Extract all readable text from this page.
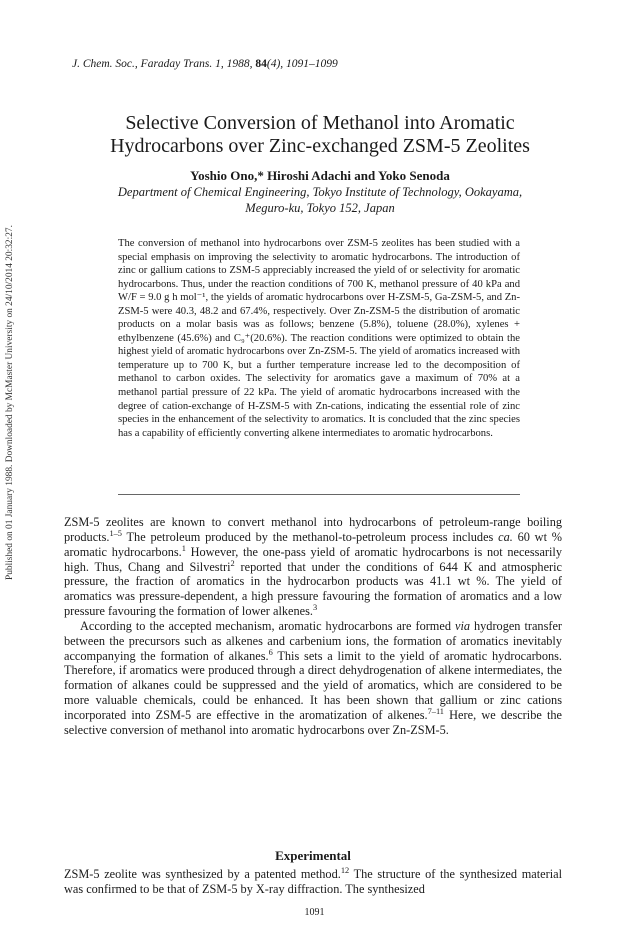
Published on 01 January 1988. Downloaded by McMaster University on 24/10/2014 20:32:27.
J. Chem. Soc., Faraday Trans. 1, 1988, 84(4), 1091–1099
Selective Conversion of Methanol into Aromatic
Hydrocarbons over Zinc-exchanged ZSM-5 Zeolites
Yoshio Ono,* Hiroshi Adachi and Yoko Senoda
Department of Chemical Engineering, Tokyo Institute of Technology, Ookayama,
Meguro-ku, Tokyo 152, Japan
The conversion of methanol into hydrocarbons over ZSM-5 zeolites has been studied with a special emphasis on improving the selectivity to aromatic hydrocarbons. The introduction of zinc or gallium cations to ZSM-5 appreciably increased the yield of or selectivity for aromatic hydrocarbons. Thus, under the reaction conditions of 700 K, methanol pressure of 40 kPa and W/F = 9.0 g h mol⁻¹, the yields of aromatic hydrocarbons over H-ZSM-5, Ga-ZSM-5, and Zn-ZSM-5 were 40.3, 48.2 and 67.4%, respectively. Over Zn-ZSM-5 the distribution of aromatic products on a molar basis was as follows; benzene (5.8%), toluene (28.0%), xylenes + ethylbenzene (45.6%) and C₉⁺(20.6%). The reaction conditions were optimized to obtain the highest yield of aromatic hydrocarbons over Zn-ZSM-5. The yield of aromatics increased with temperature up to 700 K, but a further temperature increase led to the decomposition of methanol to carbon oxides. The selectivity for aromatics gave a maximum of 70% at a methanol partial pressure of 22 kPa. The yield of aromatic hydrocarbons increased with the degree of cation-exchange of H-ZSM-5 with Zn-cations, indicating the essential role of zinc species in the enhancement of the selectivity to aromatics. It is concluded that the zinc species has a capability of efficiently converting alkene intermediates to aromatic hydrocarbons.

ZSM-5 zeolites are known to convert methanol into hydrocarbons of petroleum-range boiling products.$^{1-5}$ The petroleum produced by the methanol-to-petroleum process includes ca. 60 wt % aromatic hydrocarbons.$^1$ However, the one-pass yield of aromatic hydrocarbons is not necessarily high. Thus, Chang and Silvestri$^2$ reported that under the conditions of 644 K and atmospheric pressure, the fraction of aromatics in the hydrocarbon products was 41.1 wt %. The yield of aromatics was pressure-dependent, a high pressure favouring the formation of aromatics and a low pressure favouring the formation of lower alkenes.$^3$

According to the accepted mechanism, aromatic hydrocarbons are formed via hydrogen transfer between the precursors such as alkenes and carbenium ions, the formation of aromatics inevitably accompanying the formation of alkanes.$^6$ This sets a limit to the yield of aromatic hydrocarbons. Therefore, if aromatics were produced through a direct dehydrogenation of alkene intermediates, the formation of alkanes could be suppressed and the yield of aromatics, which are considered to be more valuable chemicals, could be enhanced. It has been shown that gallium or zinc cations incorporated into ZSM-5 are effective in the aromatization of alkenes.$^{7-11}$ Here, we describe the selective conversion of methanol into aromatic hydrocarbons over Zn-ZSM-5.

Experimental
ZSM-5 zeolite was synthesized by a patented method.$^{12}$ The structure of the synthesized material was confirmed to be that of ZSM-5 by X-ray diffraction. The synthesized
1091
